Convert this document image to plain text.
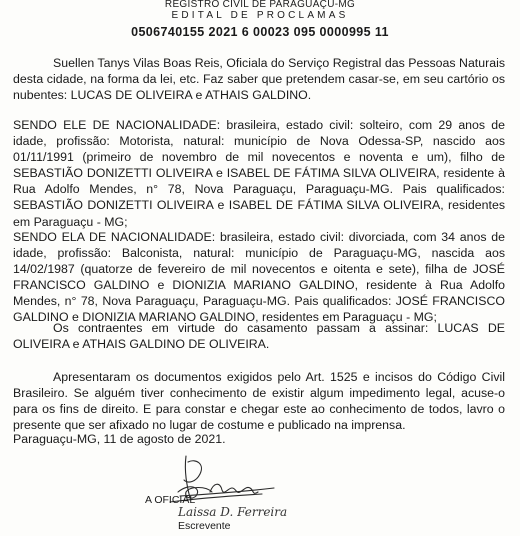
REGISTRO CIVIL DE PARAGUAÇU-MG
EDITAL DE PROCLAMAS
0506740155 2021 6 00023 095 0000995 11

Suellen Tanys Vilas Boas Reis, Oficiala do Serviço Registral das Pessoas Naturais desta cidade, na forma da lei, etc. Faz saber que pretendem casar-se, em seu cartório os nubentes: LUCAS DE OLIVEIRA e ATHAIS GALDINO.

SENDO ELE DE NACIONALIDADE: brasileira, estado civil: solteiro, com 29 anos de idade, profissão: Motorista, natural: município de Nova Odessa-SP, nascido aos 01/11/1991 (primeiro de novembro de mil novecentos e noventa e um), filho de SEBASTIÃO DONIZETTI OLIVEIRA e ISABEL DE FÁTIMA SILVA OLIVEIRA, residente à Rua Adolfo Mendes, n° 78, Nova Paraguaçu, Paraguaçu-MG. Pais qualificados: SEBASTIÃO DONIZETTI OLIVEIRA e ISABEL DE FÁTIMA SILVA OLIVEIRA, residentes em Paraguaçu - MG;

SENDO ELA DE NACIONALIDADE: brasileira, estado civil: divorciada, com 34 anos de idade, profissão: Balconista, natural: município de Paraguaçu-MG, nascida aos 14/02/1987 (quatorze de fevereiro de mil novecentos e oitenta e sete), filha de JOSÉ FRANCISCO GALDINO e DIONIZIA MARIANO GALDINO, residente à Rua Adolfo Mendes, n° 78, Nova Paraguaçu, Paraguaçu-MG. Pais qualificados: JOSÉ FRANCISCO GALDINO e DIONIZIA MARIANO GALDINO, residentes em Paraguaçu - MG;

Os contraentes em virtude do casamento passam a assinar: LUCAS DE OLIVEIRA e ATHAIS GALDINO DE OLIVEIRA.

Apresentaram os documentos exigidos pelo Art. 1525 e incisos do Código Civil Brasileiro. Se alguém tiver conhecimento de existir algum impedimento legal, acuse-o para os fins de direito. E para constar e chegar este ao conhecimento de todos, lavro o presente que ser afixado no lugar de costume e publicado na imprensa.

Paraguaçu-MG, 11 de agosto de 2021.

A OFICIAL
Laissa D. Ferreira
Escrevente
